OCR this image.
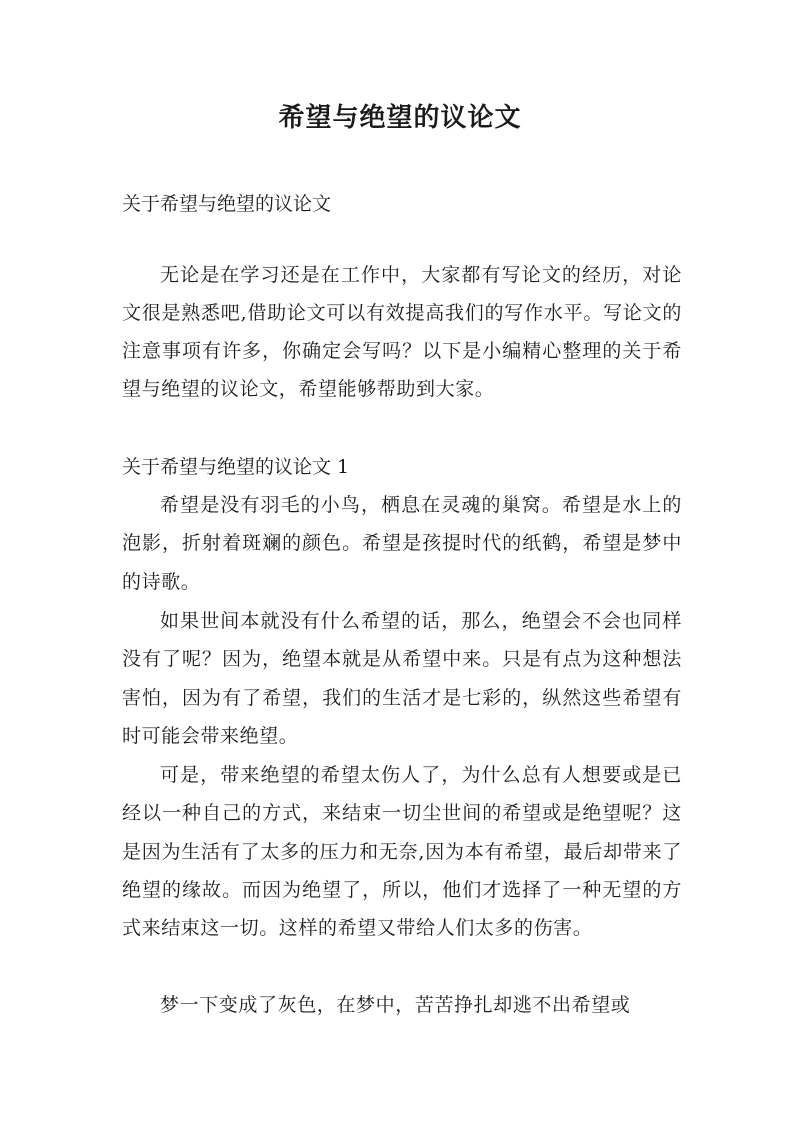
希望与绝望的议论文
关于希望与绝望的议论文

无论是在学习还是在工作中，大家都有写论文的经历，对论文很是熟悉吧,借助论文可以有效提高我们的写作水平。写论文的注意事项有许多，你确定会写吗？以下是小编精心整理的关于希望与绝望的议论文，希望能够帮助到大家。

关于希望与绝望的议论文 1

希望是没有羽毛的小鸟，栖息在灵魂的巢窝。希望是水上的泡影，折射着斑斓的颜色。希望是孩提时代的纸鹤，希望是梦中的诗歌。

如果世间本就没有什么希望的话，那么，绝望会不会也同样没有了呢？因为，绝望本就是从希望中来。只是有点为这种想法害怕，因为有了希望，我们的生活才是七彩的，纵然这些希望有时可能会带来绝望。

可是，带来绝望的希望太伤人了，为什么总有人想要或是已经以一种自己的方式，来结束一切尘世间的希望或是绝望呢？这是因为生活有了太多的压力和无奈,因为本有希望，最后却带来了绝望的缘故。而因为绝望了，所以，他们才选择了一种无望的方式来结束这一切。这样的希望又带给人们太多的伤害。

梦一下变成了灰色，在梦中，苦苦挣扎却逃不出希望或
